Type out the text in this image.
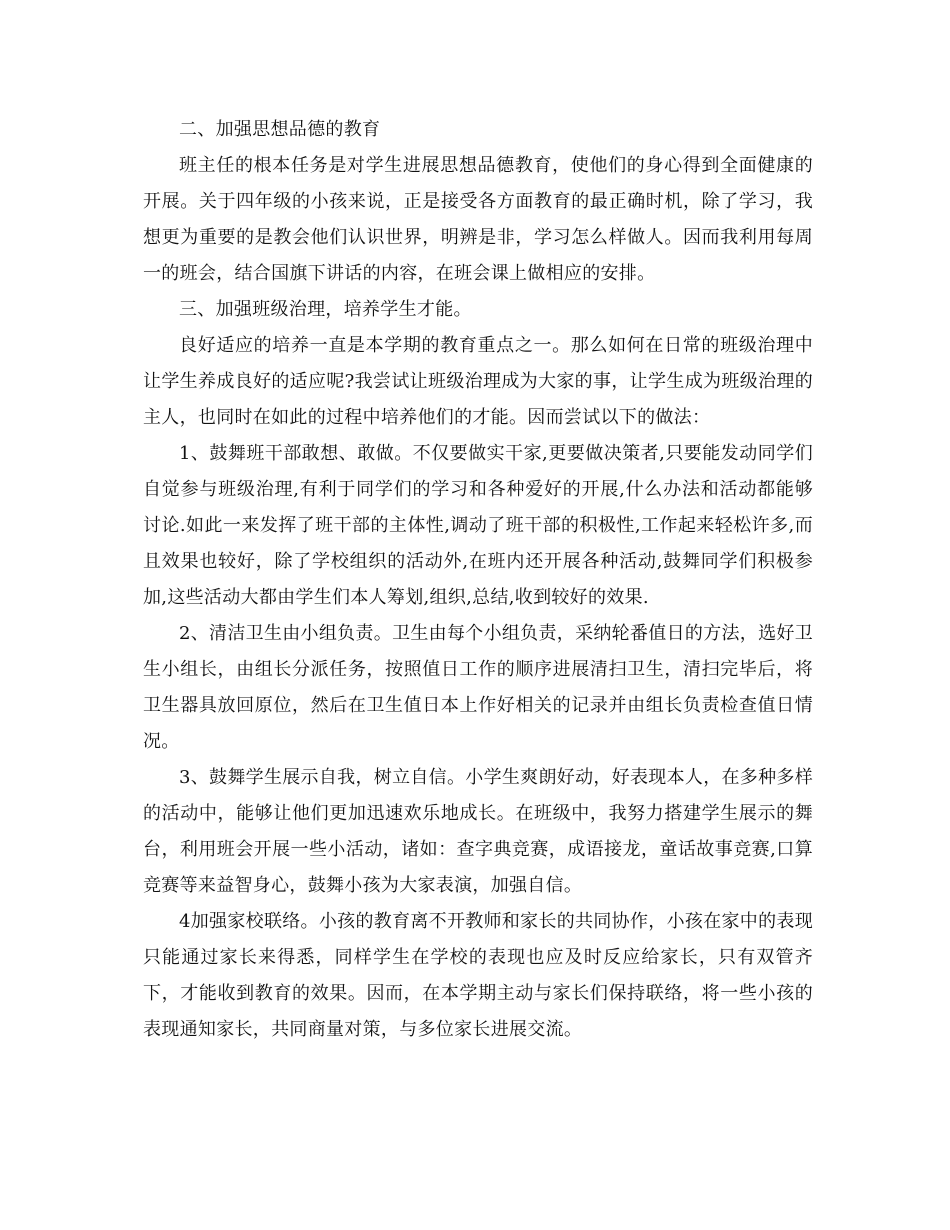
二、加强思想品德的教育

班主任的根本任务是对学生进展思想品德教育，使他们的身心得到全面健康的开展。关于四年级的小孩来说，正是接受各方面教育的最正确时机，除了学习，我想更为重要的是教会他们认识世界，明辨是非，学习怎么样做人。因而我利用每周一的班会，结合国旗下讲话的内容，在班会课上做相应的安排。

三、加强班级治理，培养学生才能。

良好适应的培养一直是本学期的教育重点之一。那么如何在日常的班级治理中让学生养成良好的适应呢?我尝试让班级治理成为大家的事，让学生成为班级治理的主人，也同时在如此的过程中培养他们的才能。因而尝试以下的做法：

1、鼓舞班干部敢想、敢做。不仅要做实干家,更要做决策者,只要能发动同学们自觉参与班级治理,有利于同学们的学习和各种爱好的开展,什么办法和活动都能够讨论.如此一来发挥了班干部的主体性,调动了班干部的积极性,工作起来轻松许多,而且效果也较好，除了学校组织的活动外,在班内还开展各种活动,鼓舞同学们积极参加,这些活动大都由学生们本人筹划,组织,总结,收到较好的效果.

2、清洁卫生由小组负责。卫生由每个小组负责，采纳轮番值日的方法，选好卫生小组长，由组长分派任务，按照值日工作的顺序进展清扫卫生，清扫完毕后，将卫生器具放回原位，然后在卫生值日本上作好相关的记录并由组长负责检查值日情况。

3、鼓舞学生展示自我，树立自信。小学生爽朗好动，好表现本人，在多种多样的活动中，能够让他们更加迅速欢乐地成长。在班级中，我努力搭建学生展示的舞台，利用班会开展一些小活动，诸如：查字典竞赛，成语接龙，童话故事竞赛,口算竞赛等来益智身心，鼓舞小孩为大家表演，加强自信。

4加强家校联络。小孩的教育离不开教师和家长的共同协作，小孩在家中的表现只能通过家长来得悉，同样学生在学校的表现也应及时反应给家长，只有双管齐下，才能收到教育的效果。因而，在本学期主动与家长们保持联络，将一些小孩的表现通知家长，共同商量对策，与多位家长进展交流。
